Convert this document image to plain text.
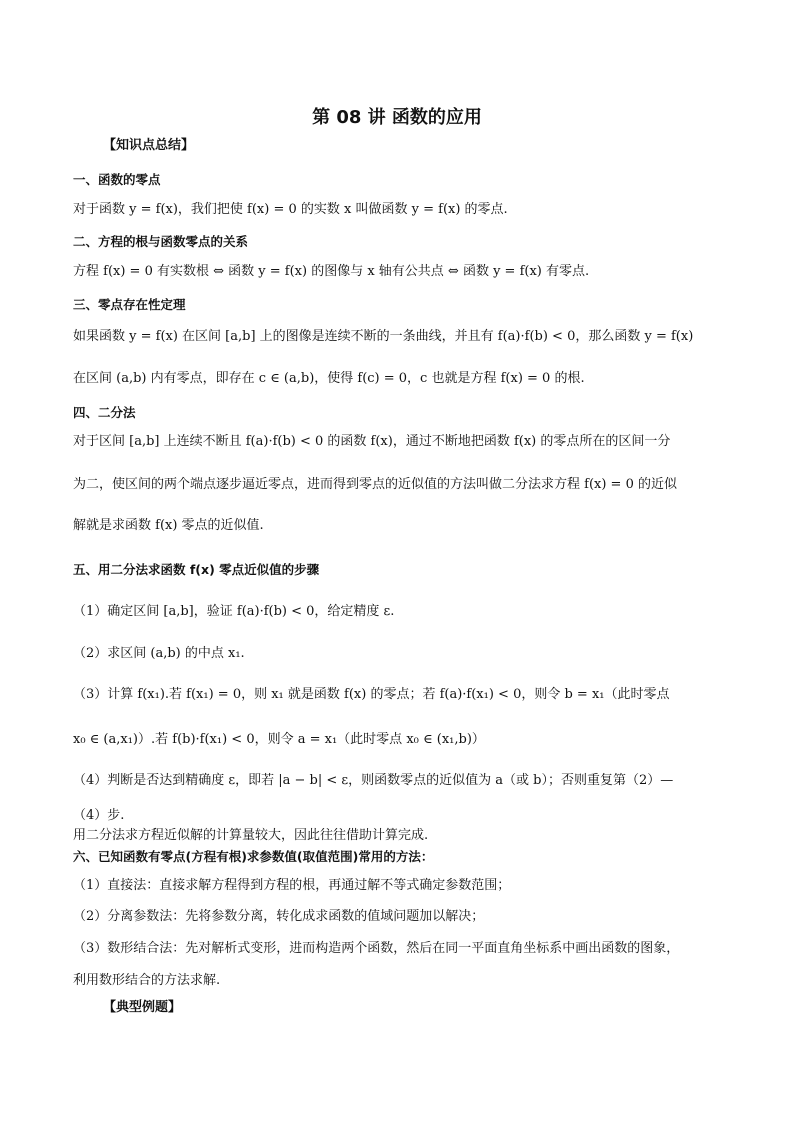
第 08 讲 函数的应用
【知识点总结】
一、函数的零点
对于函数 y = f(x)，我们把使 f(x) = 0 的实数 x 叫做函数 y = f(x) 的零点.
二、方程的根与函数零点的关系
方程 f(x) = 0 有实数根 ⇔ 函数 y = f(x) 的图像与 x 轴有公共点 ⇔ 函数 y = f(x) 有零点.
三、零点存在性定理
如果函数 y = f(x) 在区间 [a,b] 上的图像是连续不断的一条曲线，并且有 f(a)·f(b) < 0，那么函数 y = f(x)
在区间 (a,b) 内有零点，即存在 c ∈ (a,b)，使得 f(c) = 0，c 也就是方程 f(x) = 0 的根.
四、二分法
对于区间 [a,b] 上连续不断且 f(a)·f(b) < 0 的函数 f(x)，通过不断地把函数 f(x) 的零点所在的区间一分
为二，使区间的两个端点逐步逼近零点，进而得到零点的近似值的方法叫做二分法求方程 f(x) = 0 的近似
解就是求函数 f(x) 零点的近似值.
五、用二分法求函数 f(x) 零点近似值的步骤
（1）确定区间 [a,b]，验证 f(a)·f(b) < 0，给定精度 ε.
（2）求区间 (a,b) 的中点 x₁.
（3）计算 f(x₁).若 f(x₁) = 0，则 x₁ 就是函数 f(x) 的零点；若 f(a)·f(x₁) < 0，则令 b = x₁（此时零点
x₀ ∈ (a,x₁)）.若 f(b)·f(x₁) < 0，则令 a = x₁（此时零点 x₀ ∈ (x₁,b)）
（4）判断是否达到精确度 ε，即若 |a − b| < ε，则函数零点的近似值为 a（或 b）；否则重复第（2）—
（4）步.
用二分法求方程近似解的计算量较大，因此往往借助计算完成.
六、已知函数有零点(方程有根)求参数值(取值范围)常用的方法：
（1）直接法：直接求解方程得到方程的根，再通过解不等式确定参数范围；
（2）分离参数法：先将参数分离，转化成求函数的值域问题加以解决；
（3）数形结合法：先对解析式变形，进而构造两个函数，然后在同一平面直角坐标系中画出函数的图象，
利用数形结合的方法求解.
【典型例题】
